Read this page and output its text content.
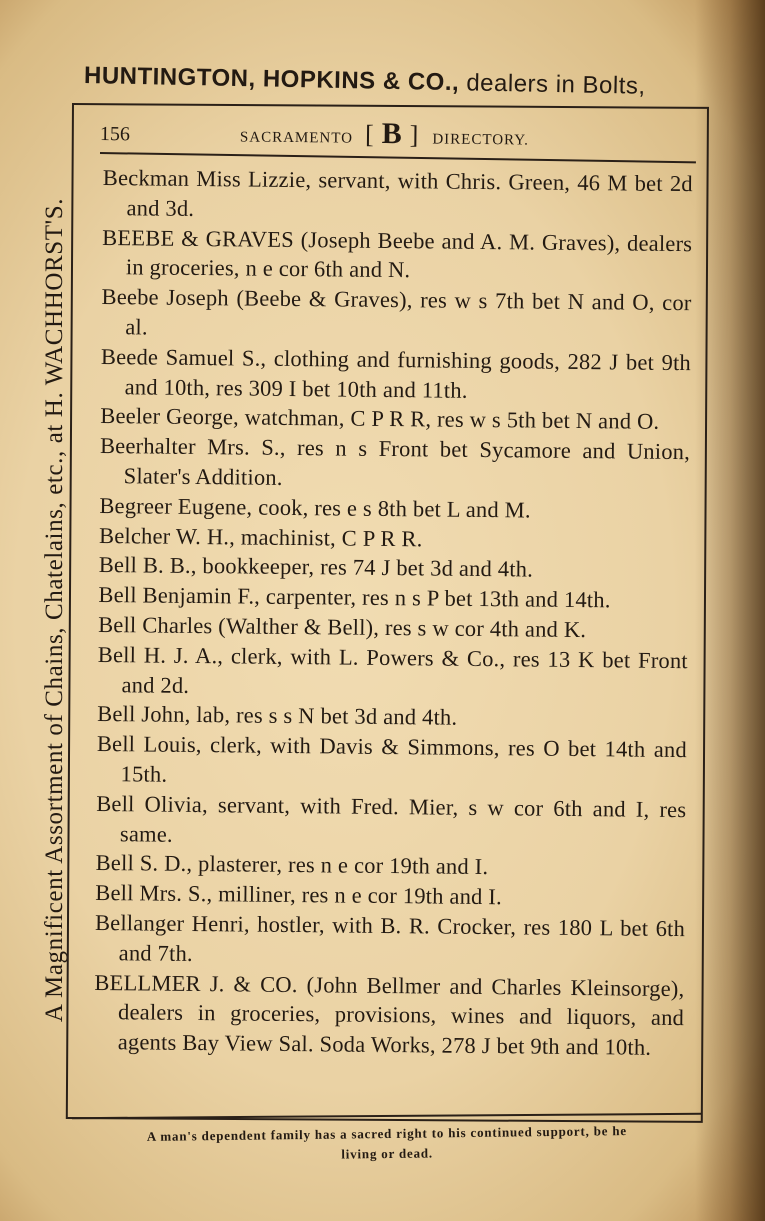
HUNTINGTON, HOPKINS & CO., dealers in Bolts,
A Magnificent Assortment of Chains, Chatelains, etc., at H. WACHHORST'S.
156	SACRAMENTO [ B ] DIRECTORY.

Beckman Miss Lizzie, servant, with Chris. Green, 46 M bet 2d and 3d.

BEEBE & GRAVES (Joseph Beebe and A. M. Graves), dealers in groceries, n e cor 6th and N.

Beebe Joseph (Beebe & Graves), res w s 7th bet N and O, cor al.

Beede Samuel S., clothing and furnishing goods, 282 J bet 9th and 10th, res 309 I bet 10th and 11th.

Beeler George, watchman, C P R R, res w s 5th bet N and O.

Beerhalter Mrs. S., res n s Front bet Sycamore and Union, Slater's Addition.

Begreer Eugene, cook, res e s 8th bet L and M.

Belcher W. H., machinist, C P R R.

Bell B. B., bookkeeper, res 74 J bet 3d and 4th.

Bell Benjamin F., carpenter, res n s P bet 13th and 14th.

Bell Charles (Walther & Bell), res s w cor 4th and K.

Bell H. J. A., clerk, with L. Powers & Co., res 13 K bet Front and 2d.

Bell John, lab, res s s N bet 3d and 4th.

Bell Louis, clerk, with Davis & Simmons, res O bet 14th and 15th.

Bell Olivia, servant, with Fred. Mier, s w cor 6th and I, res same.

Bell S. D., plasterer, res n e cor 19th and I.

Bell Mrs. S., milliner, res n e cor 19th and I.

Bellanger Henri, hostler, with B. R. Crocker, res 180 L bet 6th and 7th.

BELLMER J. & CO. (John Bellmer and Charles Kleinsorge), dealers in groceries, provisions, wines and liquors, and agents Bay View Sal. Soda Works, 278 J bet 9th and 10th.

A man's dependent family has a sacred right to his continued support, be he
living or dead.
